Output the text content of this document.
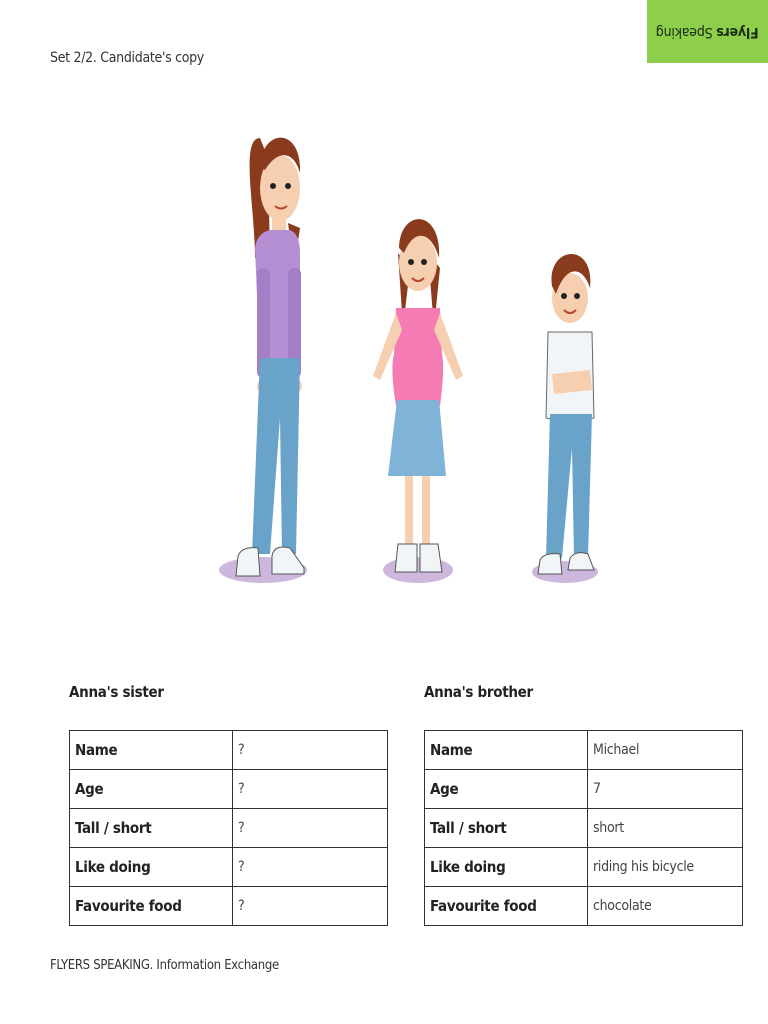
Flyers Speaking
Set 2/2. Candidate's copy
Anna's sister
Name	?
Age	?
Tall / short	?
Like doing	?
Favourite food	?
Anna's brother
Name	Michael
Age	7
Tall / short	short
Like doing	riding his bicycle
Favourite food	chocolate
FLYERS SPEAKING. Information Exchange
